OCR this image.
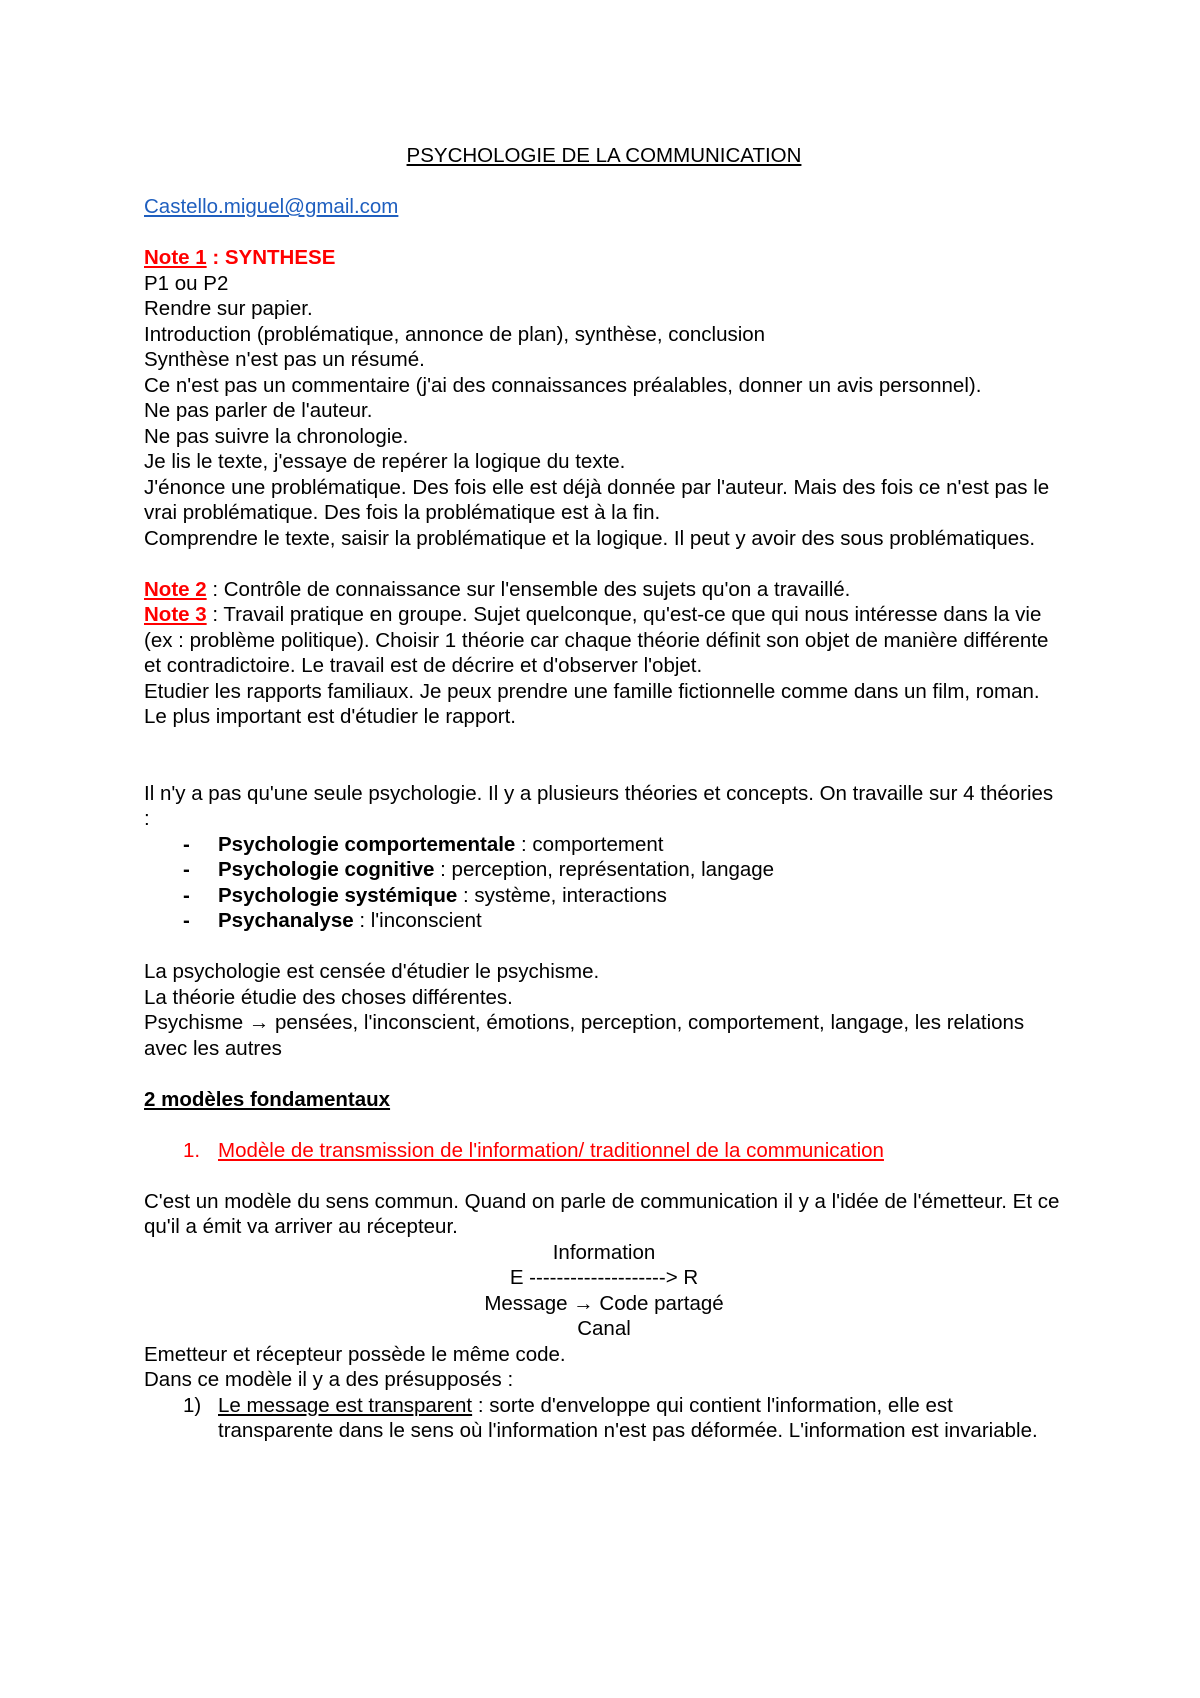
PSYCHOLOGIE DE LA COMMUNICATION

Castello.miguel@gmail.com

Note 1 : SYNTHESE

P1 ou P2

Rendre sur papier.

Introduction (problématique, annonce de plan), synthèse, conclusion

Synthèse n'est pas un résumé.

Ce n'est pas un commentaire (j'ai des connaissances préalables, donner un avis personnel).

Ne pas parler de l'auteur.

Ne pas suivre la chronologie.

Je lis le texte, j'essaye de repérer la logique du texte.

J'énonce une problématique. Des fois elle est déjà donnée par l'auteur. Mais des fois ce n'est pas le vrai problématique. Des fois la problématique est à la fin.

Comprendre le texte, saisir la problématique et la logique. Il peut y avoir des sous problématiques.

Note 2 : Contrôle de connaissance sur l'ensemble des sujets qu'on a travaillé.

Note 3 : Travail pratique en groupe. Sujet quelconque, qu'est-ce que qui nous intéresse dans la vie (ex : problème politique). Choisir 1 théorie car chaque théorie définit son objet de manière différente et contradictoire. Le travail est de décrire et d'observer l'objet.

Etudier les rapports familiaux. Je peux prendre une famille fictionnelle comme dans un film, roman. Le plus important est d'étudier le rapport.

Il n'y a pas qu'une seule psychologie. Il y a plusieurs théories et concepts. On travaille sur 4 théories :

- Psychologie comportementale : comportement
- Psychologie cognitive : perception, représentation, langage
- Psychologie systémique : système, interactions
- Psychanalyse : l'inconscient

La psychologie est censée d'étudier le psychisme.

La théorie étudie des choses différentes.

Psychisme → pensées, l'inconscient, émotions, perception, comportement, langage, les relations avec les autres

2 modèles fondamentaux

1. Modèle de transmission de l'information/ traditionnel de la communication

C'est un modèle du sens commun. Quand on parle de communication il y a l'idée de l'émetteur. Et ce qu'il a émit va arriver au récepteur.

Information

E --------------------> R

Message → Code partagé

Canal

Emetteur et récepteur possède le même code.

Dans ce modèle il y a des présupposés :

1) Le message est transparent : sorte d'enveloppe qui contient l'information, elle est transparente dans le sens où l'information n'est pas déformée. L'information est invariable.
